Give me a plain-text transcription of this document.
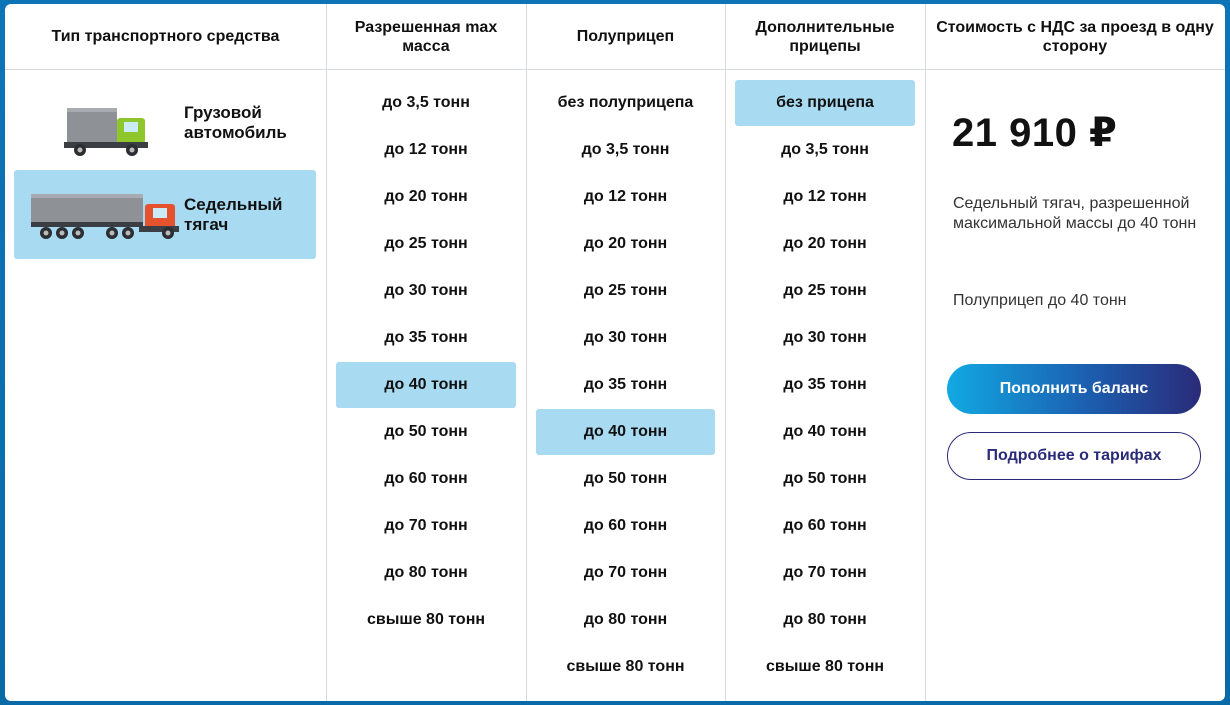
Тип транспортного средства
Грузовой
автомобиль
Седельный
тягач
Разрешенная max масса
до 3,5 тонн
до 12 тонн
до 20 тонн
до 25 тонн
до 30 тонн
до 35 тонн
до 40 тонн
до 50 тонн
до 60 тонн
до 70 тонн
до 80 тонн
свыше 80 тонн
Полуприцеп
без полуприцепа
до 3,5 тонн
до 12 тонн
до 20 тонн
до 25 тонн
до 30 тонн
до 35 тонн
до 40 тонн
до 50 тонн
до 60 тонн
до 70 тонн
до 80 тонн
свыше 80 тонн
Дополнительные прицепы
без прицепа
до 3,5 тонн
до 12 тонн
до 20 тонн
до 25 тонн
до 30 тонн
до 35 тонн
до 40 тонн
до 50 тонн
до 60 тонн
до 70 тонн
до 80 тонн
свыше 80 тонн
Стоимость с НДС за проезд в одну сторону
21 910 ₽
Седельный тягач, разрешенной максимальной массы до 40 тонн
Полуприцеп до 40 тонн
Пополнить баланс
Подробнее о тарифах
